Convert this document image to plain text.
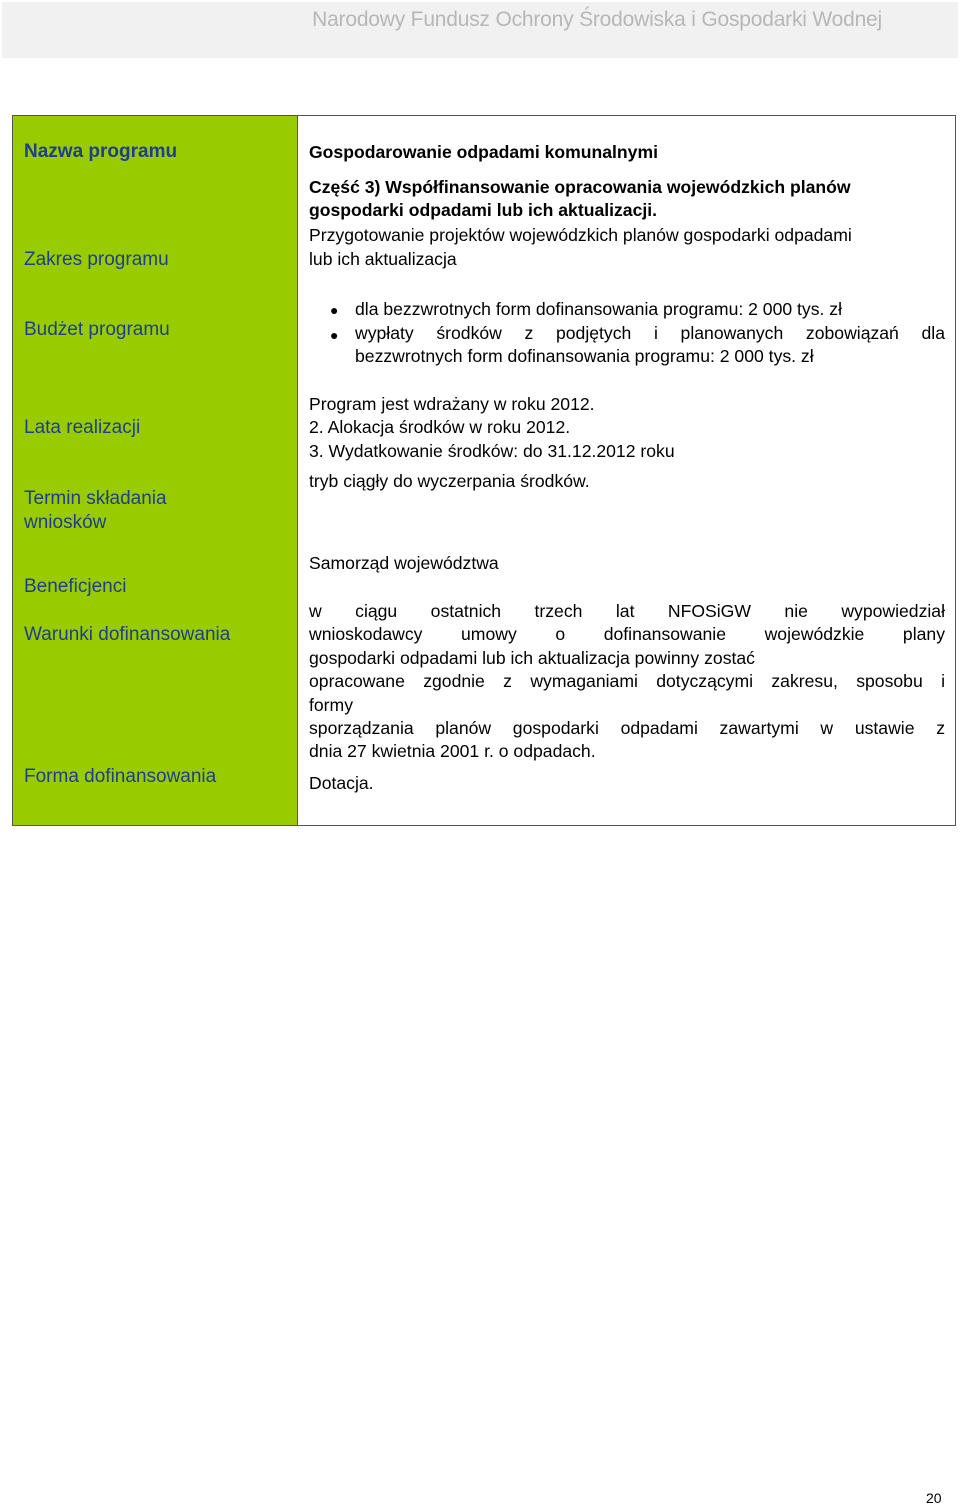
Narodowy Fundusz Ochrony Środowiska i Gospodarki Wodnej
Nazwa programu
Zakres programu
Budżet programu
Lata realizacji
Termin składania
wniosków
Beneficjenci
Warunki dofinansowania
Forma dofinansowania
Gospodarowanie odpadami komunalnymi
Część 3) Współfinansowanie opracowania wojewódzkich planów
gospodarki odpadami lub ich aktualizacji.
Przygotowanie projektów wojewódzkich planów gospodarki odpadami
lub ich aktualizacja
● dla bezzwrotnych form dofinansowania programu: 2 000 tys. zł
● wypłaty środków z podjętych i planowanych zobowiązań dla
bezzwrotnych form dofinansowania programu: 2 000 tys. zł
Program jest wdrażany w roku 2012.
2. Alokacja środków w roku 2012.
3. Wydatkowanie środków: do 31.12.2012 roku
tryb ciągły do wyczerpania środków.
Samorząd województwa
w ciągu ostatnich trzech lat NFOSiGW nie wypowiedział
wnioskodawcy umowy o dofinansowanie wojewódzkie plany
gospodarki odpadami lub ich aktualizacja powinny zostać
opracowane zgodnie z wymaganiami dotyczącymi zakresu, sposobu i
formy
sporządzania planów gospodarki odpadami zawartymi w ustawie z
dnia 27 kwietnia 2001 r. o odpadach.
Dotacja.
20
